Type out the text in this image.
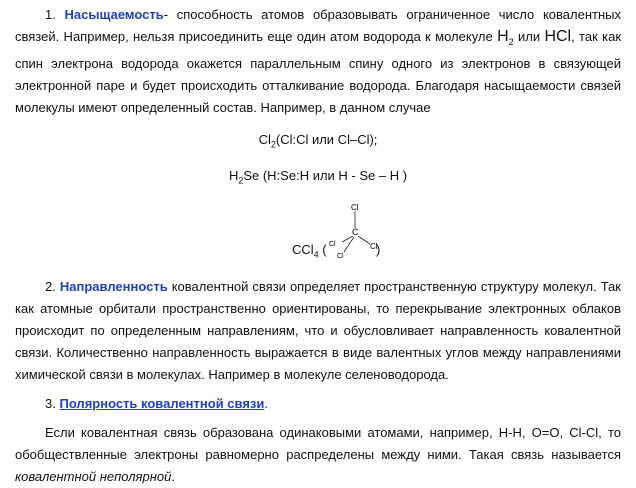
1. Насыщаемость- способность атомов образовывать ограниченное число ковалентных связей. Например, нельзя присоединить еще один атом водорода к молекуле $H_2$ или HCl, так как спин электрона водорода окажется параллельным спину одного из электронов в связующей электронной паре и будет происходить отталкивание водорода. Благодаря насыщаемости связей молекулы имеют определенный состав. Например, в данном случае

$Cl_2(Cl:Cl$ или Cl–Cl);
$H_2Se$ (H:Se:H или H - Se – H )
CCl$_4$ (
Cl
C
Cl
Cl
Cl
)

2. Направленность ковалентной связи определяет пространственную структуру молекул. Так как атомные орбитали пространственно ориентированы, то перекрывание электронных облаков происходит по определенным направлениям, что и обусловливает направленность ковалентной связи. Количественно направленность выражается в виде валентных углов между направлениями химической связи в молекулах. Например в молекуле селеноводорода.

3. Полярность ковалентной связи.

Если ковалентная связь образована одинаковыми атомами, например, H-H, O=O, Cl-Cl, то обобществленные электроны равномерно распределены между ними. Такая связь называется ковалентной неполярной.
